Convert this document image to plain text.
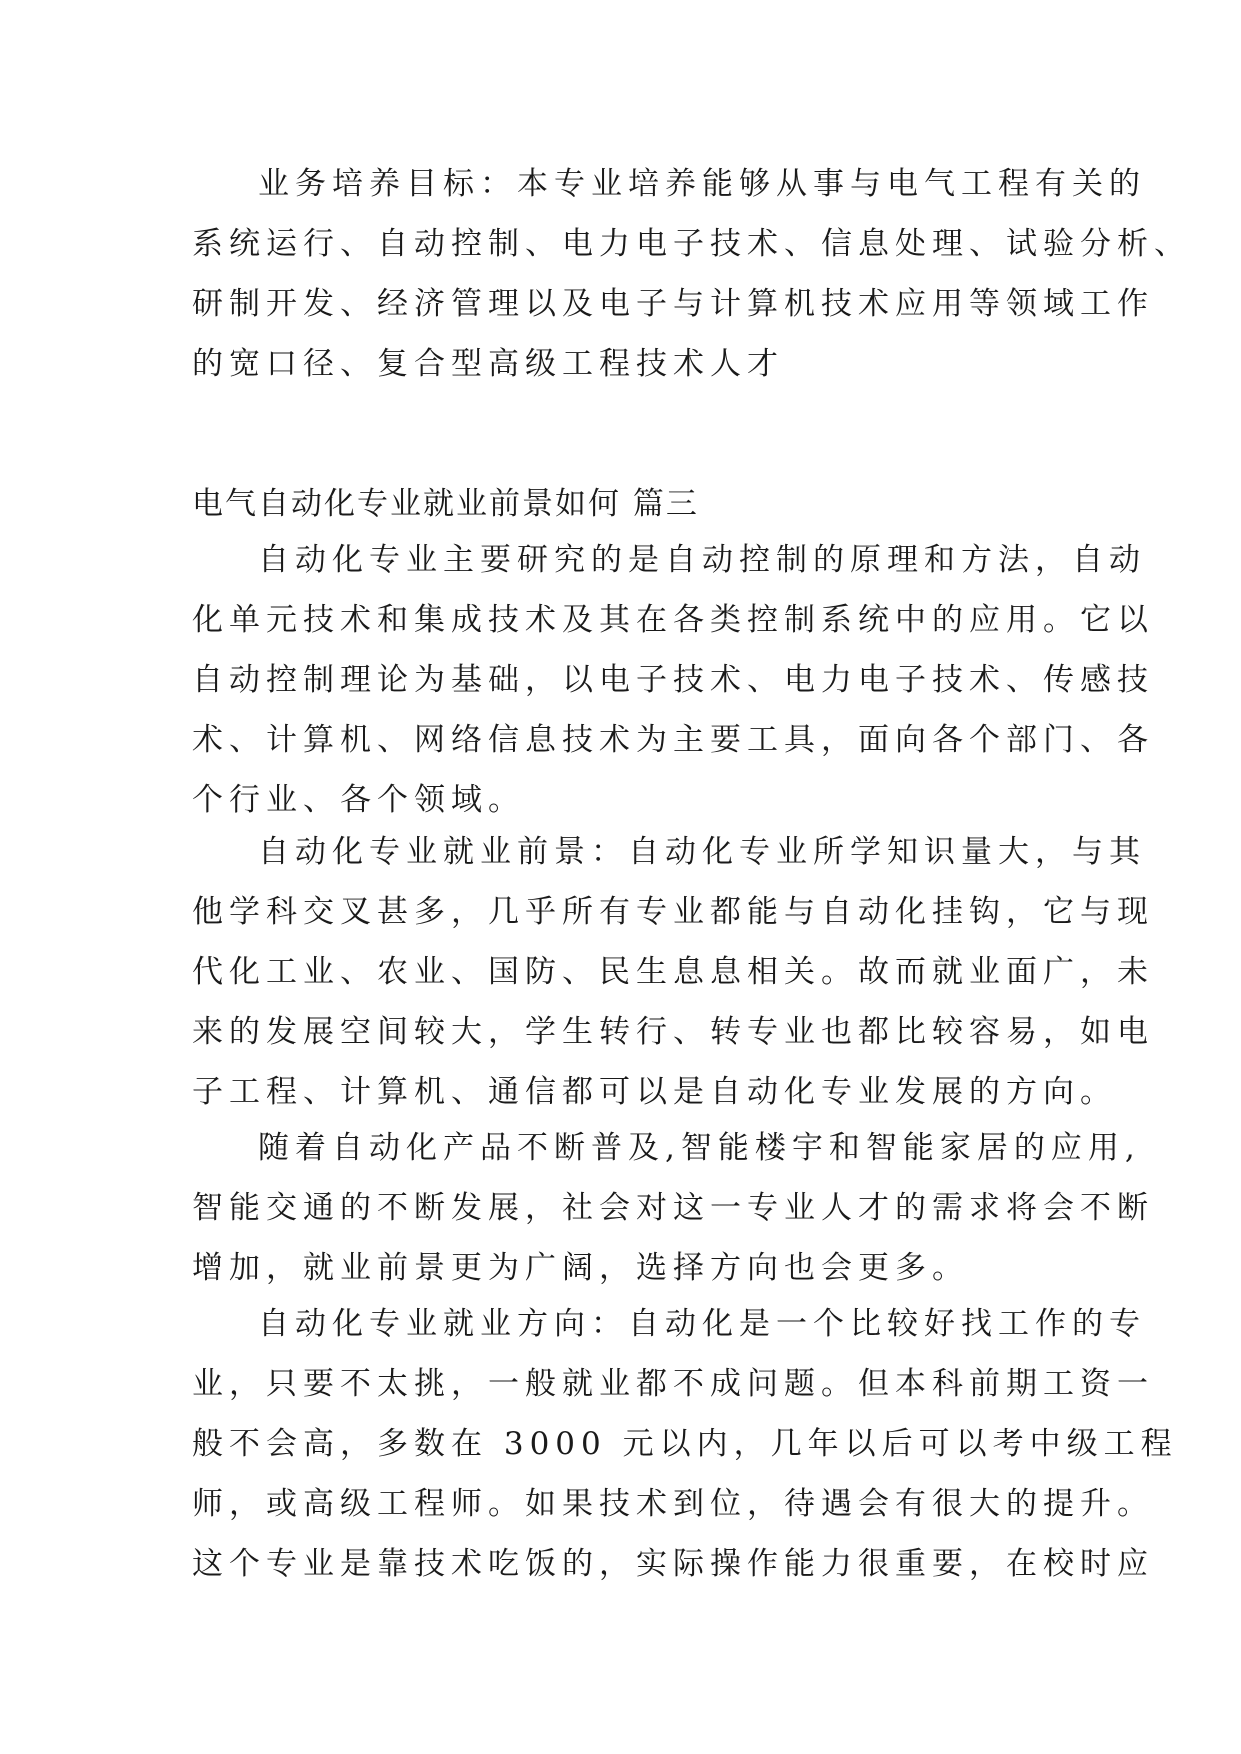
业务培养目标：本专业培养能够从事与电气工程有关的
系统运行、自动控制、电力电子技术、信息处理、试验分析、
研制开发、经济管理以及电子与计算机技术应用等领域工作
的宽口径、复合型高级工程技术人才
电气自动化专业就业前景如何 篇三
自动化专业主要研究的是自动控制的原理和方法，自动
化单元技术和集成技术及其在各类控制系统中的应用。它以
自动控制理论为基础，以电子技术、电力电子技术、传感技
术、计算机、网络信息技术为主要工具，面向各个部门、各
个行业、各个领域。
自动化专业就业前景：自动化专业所学知识量大，与其
他学科交叉甚多，几乎所有专业都能与自动化挂钩，它与现
代化工业、农业、国防、民生息息相关。故而就业面广，未
来的发展空间较大，学生转行、转专业也都比较容易，如电
子工程、计算机、通信都可以是自动化专业发展的方向。
随着自动化产品不断普及,智能楼宇和智能家居的应用,
智能交通的不断发展，社会对这一专业人才的需求将会不断
增加，就业前景更为广阔，选择方向也会更多。
自动化专业就业方向：自动化是一个比较好找工作的专
业，只要不太挑，一般就业都不成问题。但本科前期工资一
般不会高，多数在 3000 元以内，几年以后可以考中级工程
师，或高级工程师。如果技术到位，待遇会有很大的提升。
这个专业是靠技术吃饭的，实际操作能力很重要，在校时应
